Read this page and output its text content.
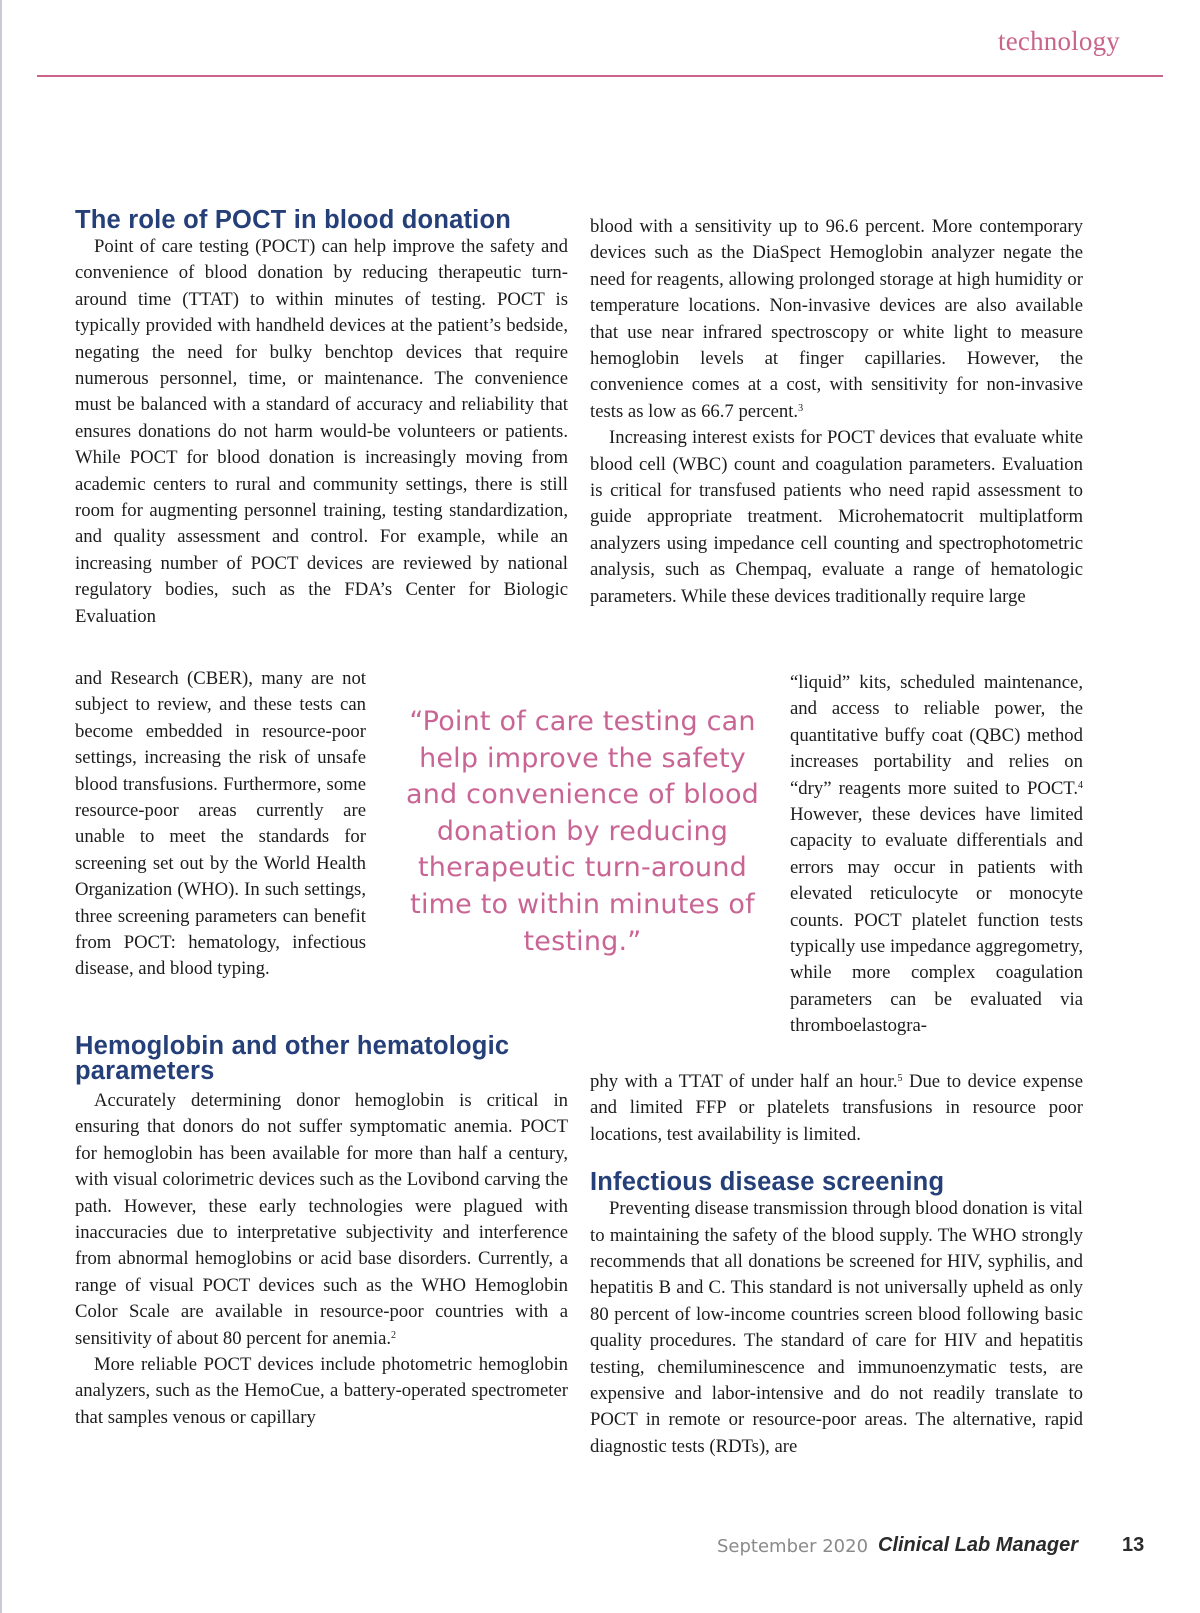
technology
The role of POCT in blood donation

Point of care testing (POCT) can help improve the safety and convenience of blood donation by reducing therapeutic turn-around time (TTAT) to within minutes of testing. POCT is typically provided with handheld devices at the patient’s bedside, negating the need for bulky benchtop devices that require numerous personnel, time, or maintenance. The convenience must be balanced with a standard of accuracy and reliability that ensures donations do not harm would-be volunteers or patients. While POCT for blood donation is increasingly moving from academic centers to rural and community settings, there is still room for augmenting personnel training, testing standardization, and quality assessment and control. For example, while an increasing number of POCT devices are reviewed by national regulatory bodies, such as the FDA’s Center for Biologic Evaluation

and Research (CBER), many are not subject to review, and these tests can become embedded in resource-poor settings, increasing the risk of unsafe blood transfusions. Furthermore, some resource-poor areas currently are unable to meet the standards for screening set out by the World Health Organization (WHO). In such settings, three screening parameters can benefit from POCT: hematology, infectious disease, and blood typing.

Hemoglobin and other hematologic parameters

Accurately determining donor hemoglobin is critical in ensuring that donors do not suffer symptomatic anemia. POCT for hemoglobin has been available for more than half a century, with visual colorimetric devices such as the Lovibond carving the path. However, these early technologies were plagued with inaccuracies due to interpretative subjectivity and interference from abnormal hemoglobins or acid base disorders. Currently, a range of visual POCT devices such as the WHO Hemoglobin Color Scale are available in resource-poor countries with a sensitivity of about 80 percent for anemia.$^2$

More reliable POCT devices include photometric hemoglobin analyzers, such as the HemoCue, a battery-operated spectrometer that samples venous or capillary

“Point of care testing can help improve the safety and convenience of blood donation by reducing therapeutic turn-around time to within minutes of testing.”

blood with a sensitivity up to 96.6 percent. More contemporary devices such as the DiaSpect Hemoglobin analyzer negate the need for reagents, allowing prolonged storage at high humidity or temperature locations. Non-invasive devices are also available that use near infrared spectroscopy or white light to measure hemoglobin levels at finger capillaries. However, the convenience comes at a cost, with sensitivity for non-invasive tests as low as 66.7 percent.$^3$

Increasing interest exists for POCT devices that evaluate white blood cell (WBC) count and coagulation parameters. Evaluation is critical for transfused patients who need rapid assessment to guide appropriate treatment. Microhematocrit multiplatform analyzers using impedance cell counting and spectrophotometric analysis, such as Chempaq, evaluate a range of hematologic parameters. While these devices traditionally require large

“liquid” kits, scheduled maintenance, and access to reliable power, the quantitative buffy coat (QBC) method increases portability and relies on “dry” reagents more suited to POCT.$^4$ However, these devices have limited capacity to evaluate differentials and errors may occur in patients with elevated reticulocyte or monocyte counts. POCT platelet function tests typically use impedance aggregometry, while more complex coagulation parameters can be evaluated via thromboelastogra-

phy with a TTAT of under half an hour.$^5$ Due to device expense and limited FFP or platelets transfusions in resource poor locations, test availability is limited.

Infectious disease screening

Preventing disease transmission through blood donation is vital to maintaining the safety of the blood supply. The WHO strongly recommends that all donations be screened for HIV, syphilis, and hepatitis B and C. This standard is not universally upheld as only 80 percent of low-income countries screen blood following basic quality procedures. The standard of care for HIV and hepatitis testing, chemiluminescence and immunoenzymatic tests, are expensive and labor-intensive and do not readily translate to POCT in remote or resource-poor areas. The alternative, rapid diagnostic tests (RDTs), are

September 2020 Clinical Lab Manager 13
